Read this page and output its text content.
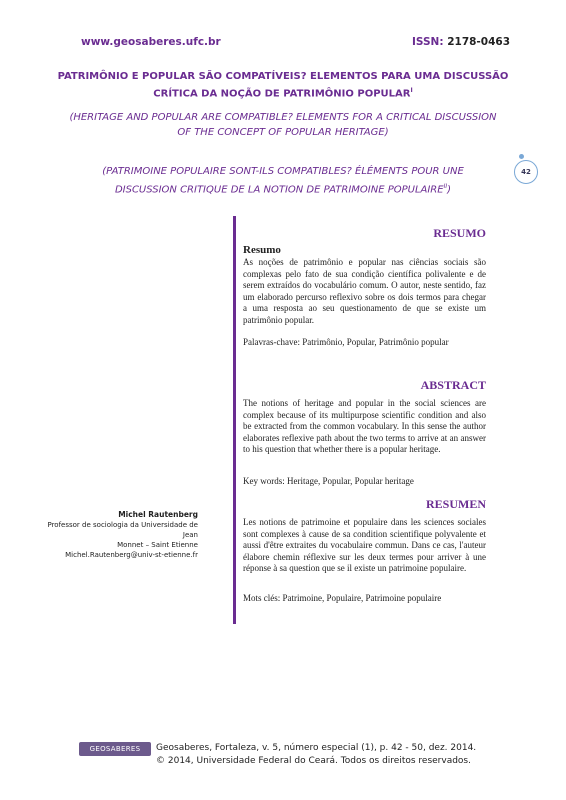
www.geosaberes.ufc.br	ISSN: 2178-0463
PATRIMÔNIO E POPULAR SÃO COMPATÍVEIS? ELEMENTOS PARA UMA DISCUSSÃO
CRÍTICA DA NOÇÃO DE PATRIMÔNIO $POPULAR^I$
(HERITAGE AND POPULAR ARE COMPATIBLE? ELEMENTS FOR A CRITICAL DISCUSSION
OF THE CONCEPT OF POPULAR HERITAGE)
(PATRIMOINE POPULAIRE SONT-ILS COMPATIBLES? ÉLÉMENTS POUR UNE
DISCUSSION CRITIQUE DE LA NOTION DE PATRIMOINE $POPULAIRE^{II}$)
42
RESUMO
Resumo
As noções de patrimônio e popular nas ciências sociais são complexas pelo fato de sua condição científica polivalente e de serem extraídos do vocabulário comum. O autor, neste sentido, faz um elaborado percurso reflexivo sobre os dois termos para chegar a uma resposta ao seu questionamento de que se existe um patrimônio popular.
Palavras-chave: Patrimônio, Popular, Patrimônio popular
ABSTRACT
The notions of heritage and popular in the social sciences are complex because of its multipurpose scientific condition and also be extracted from the common vocabulary. In this sense the author elaborates reflexive path about the two terms to arrive at an answer to his question that whether there is a popular heritage.
Key words: Heritage, Popular, Popular heritage
RESUMEN
Les notions de patrimoine et populaire dans les sciences sociales sont complexes à cause de sa condition scientifique polyvalente et aussi d'être extraites du vocabulaire commun. Dans ce cas, l'auteur élabore chemin réflexive sur les deux termes pour arriver à une réponse à sa question que se il existe un patrimoine populaire.
Mots clés: Patrimoine, Populaire, Patrimoine populaire
Michel Rautenberg
Professor de sociologia da Universidade de Jean
Monnet – Saint Etienne
Michel.Rautenberg@univ-st-etienne.fr
GEOSABERES	Geosaberes, Fortaleza, v. 5, número especial (1), p. 42 - 50, dez. 2014.
© 2014, Universidade Federal do Ceará. Todos os direitos reservados.
